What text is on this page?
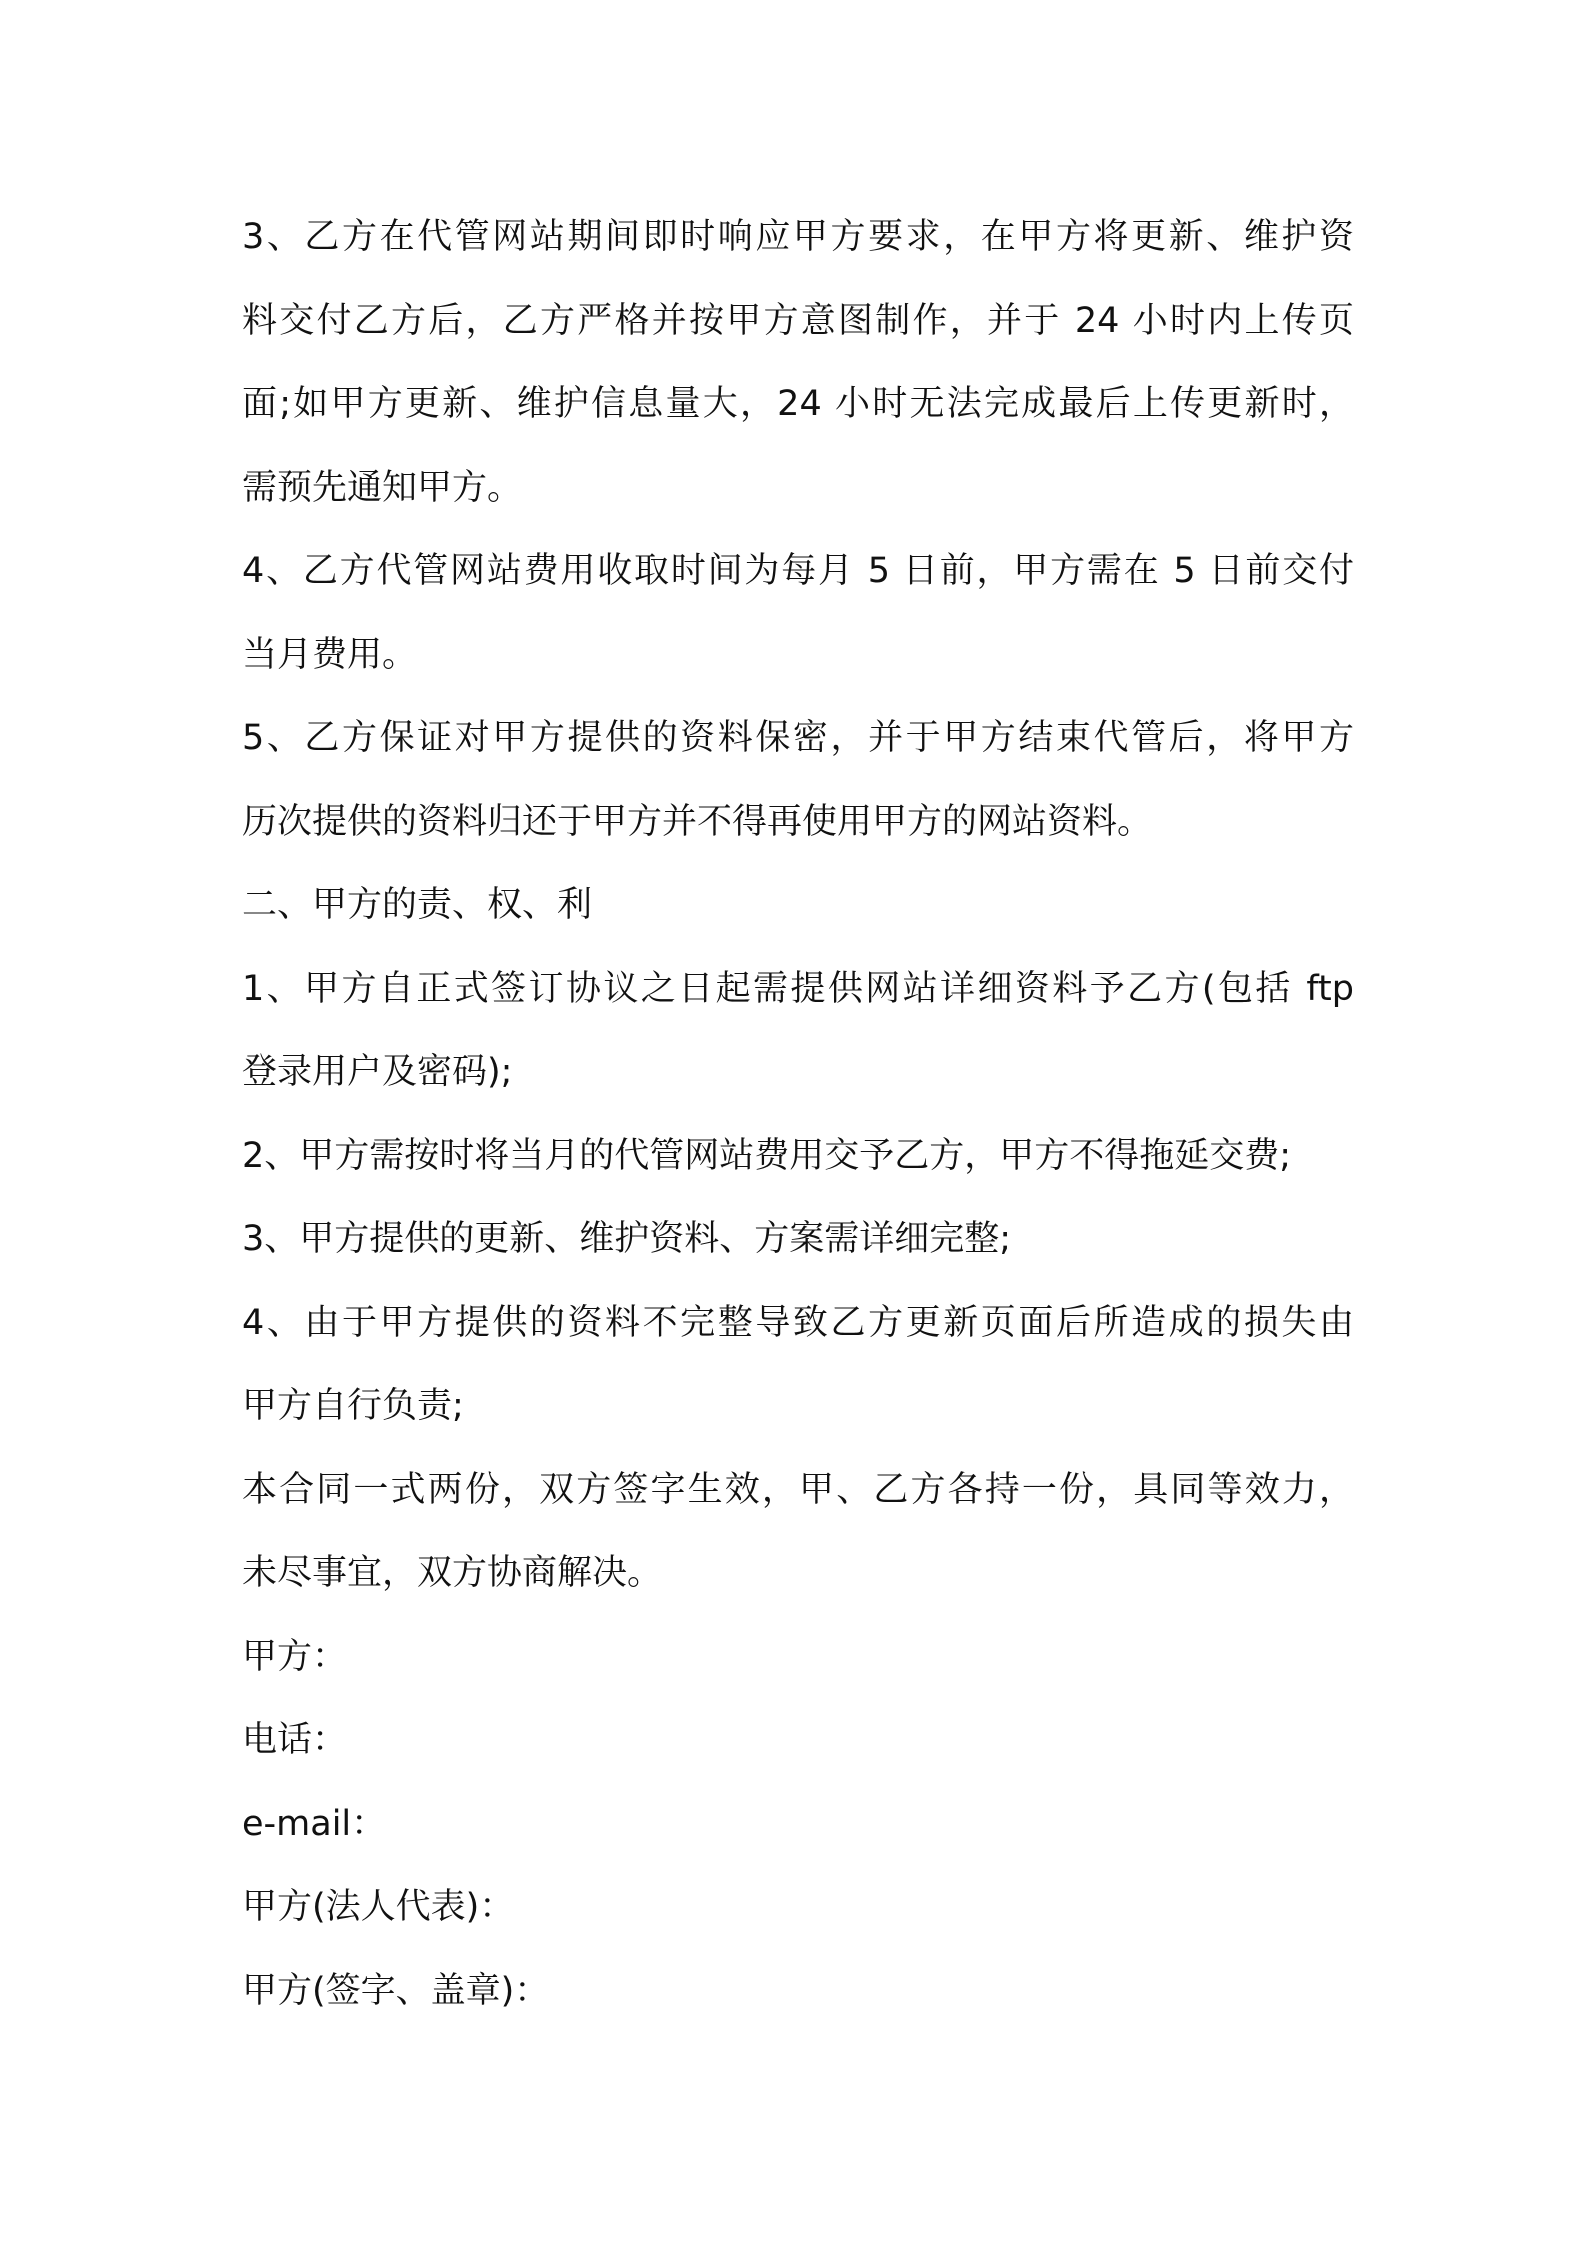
3、乙方在代管网站期间即时响应甲方要求，在甲方将更新、维护资
料交付乙方后，乙方严格并按甲方意图制作，并于 24 小时内上传页
面;如甲方更新、维护信息量大，24 小时无法完成最后上传更新时，
需预先通知甲方。
4、乙方代管网站费用收取时间为每月 5 日前，甲方需在 5 日前交付
当月费用。
5、乙方保证对甲方提供的资料保密，并于甲方结束代管后，将甲方
历次提供的资料归还于甲方并不得再使用甲方的网站资料。
二、甲方的责、权、利
1、甲方自正式签订协议之日起需提供网站详细资料予乙方(包括 ftp
登录用户及密码);
2、甲方需按时将当月的代管网站费用交予乙方，甲方不得拖延交费;
3、甲方提供的更新、维护资料、方案需详细完整;
4、由于甲方提供的资料不完整导致乙方更新页面后所造成的损失由
甲方自行负责;
本合同一式两份，双方签字生效，甲、乙方各持一份，具同等效力，
未尽事宜，双方协商解决。
甲方：
电话：
e-mail：
甲方(法人代表)：
甲方(签字、盖章)：
